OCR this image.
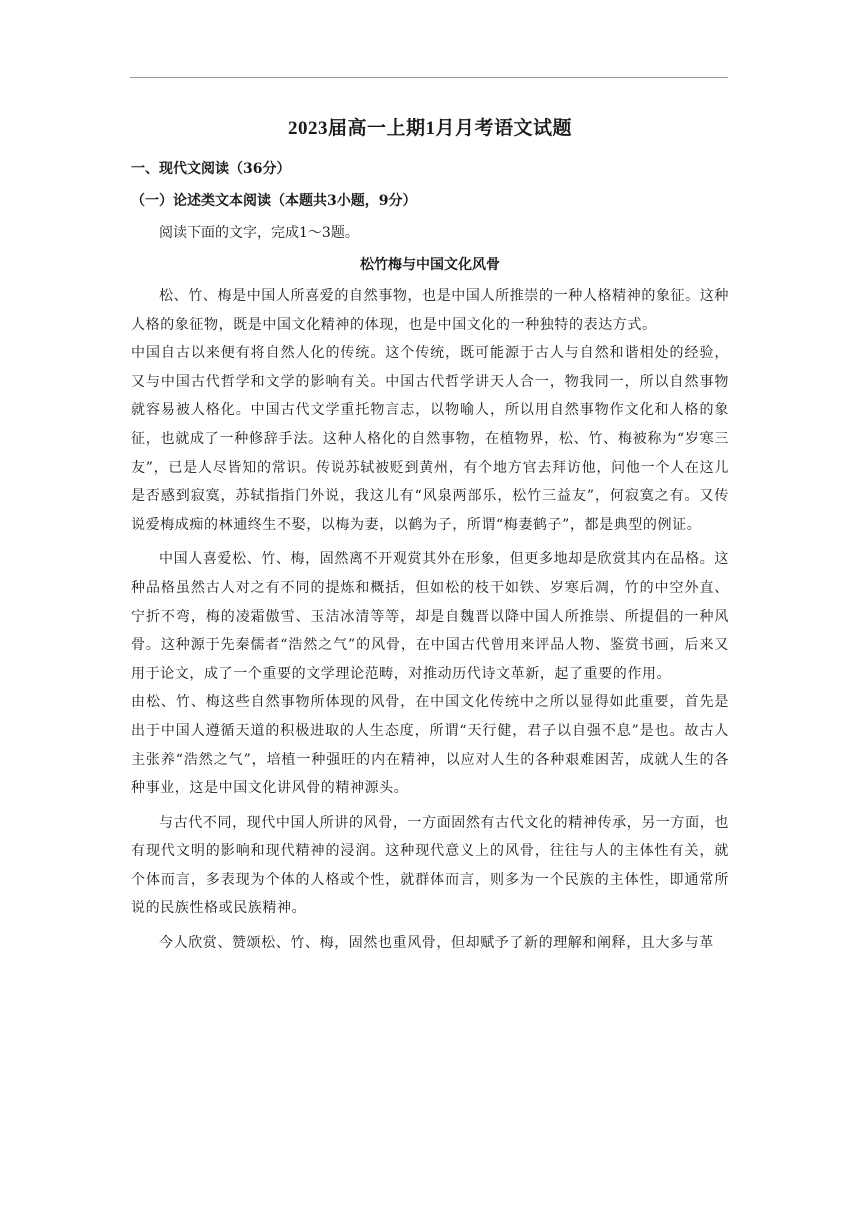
2023届高一上期1月月考语文试题
一、现代文阅读（36分）
（一）论述类文本阅读（本题共3小题，9分）
阅读下面的文字，完成1～3题。
松竹梅与中国文化风骨

松、竹、梅是中国人所喜爱的自然事物，也是中国人所推崇的一种人格精神的象征。这种人格的象征物，既是中国文化精神的体现，也是中国文化的一种独特的表达方式。

中国自古以来便有将自然人化的传统。这个传统，既可能源于古人与自然和谐相处的经验，又与中国古代哲学和文学的影响有关。中国古代哲学讲天人合一，物我同一，所以自然事物就容易被人格化。中国古代文学重托物言志，以物喻人，所以用自然事物作文化和人格的象征，也就成了一种修辞手法。这种人格化的自然事物，在植物界，松、竹、梅被称为“岁寒三友”，已是人尽皆知的常识。传说苏轼被贬到黄州，有个地方官去拜访他，问他一个人在这儿是否感到寂寞，苏轼指指门外说，我这儿有“风泉两部乐，松竹三益友”，何寂寞之有。又传说爱梅成痴的林逋终生不娶，以梅为妻，以鹤为子，所谓“梅妻鹤子”，都是典型的例证。

中国人喜爱松、竹、梅，固然离不开观赏其外在形象，但更多地却是欣赏其内在品格。这种品格虽然古人对之有不同的提炼和概括，但如松的枝干如铁、岁寒后凋，竹的中空外直、宁折不弯，梅的凌霜傲雪、玉洁冰清等等，却是自魏晋以降中国人所推崇、所提倡的一种风骨。这种源于先秦儒者“浩然之气”的风骨，在中国古代曾用来评品人物、鉴赏书画，后来又用于论文，成了一个重要的文学理论范畴，对推动历代诗文革新，起了重要的作用。

由松、竹、梅这些自然事物所体现的风骨，在中国文化传统中之所以显得如此重要，首先是出于中国人遵循天道的积极进取的人生态度，所谓“天行健，君子以自强不息”是也。故古人主张养“浩然之气”，培植一种强旺的内在精神，以应对人生的各种艰难困苦，成就人生的各种事业，这是中国文化讲风骨的精神源头。

与古代不同，现代中国人所讲的风骨，一方面固然有古代文化的精神传承，另一方面，也有现代文明的影响和现代精神的浸润。这种现代意义上的风骨，往往与人的主体性有关，就个体而言，多表现为个体的人格或个性，就群体而言，则多为一个民族的主体性，即通常所说的民族性格或民族精神。

今人欣赏、赞颂松、竹、梅，固然也重风骨，但却赋予了新的理解和阐释，且大多与革
